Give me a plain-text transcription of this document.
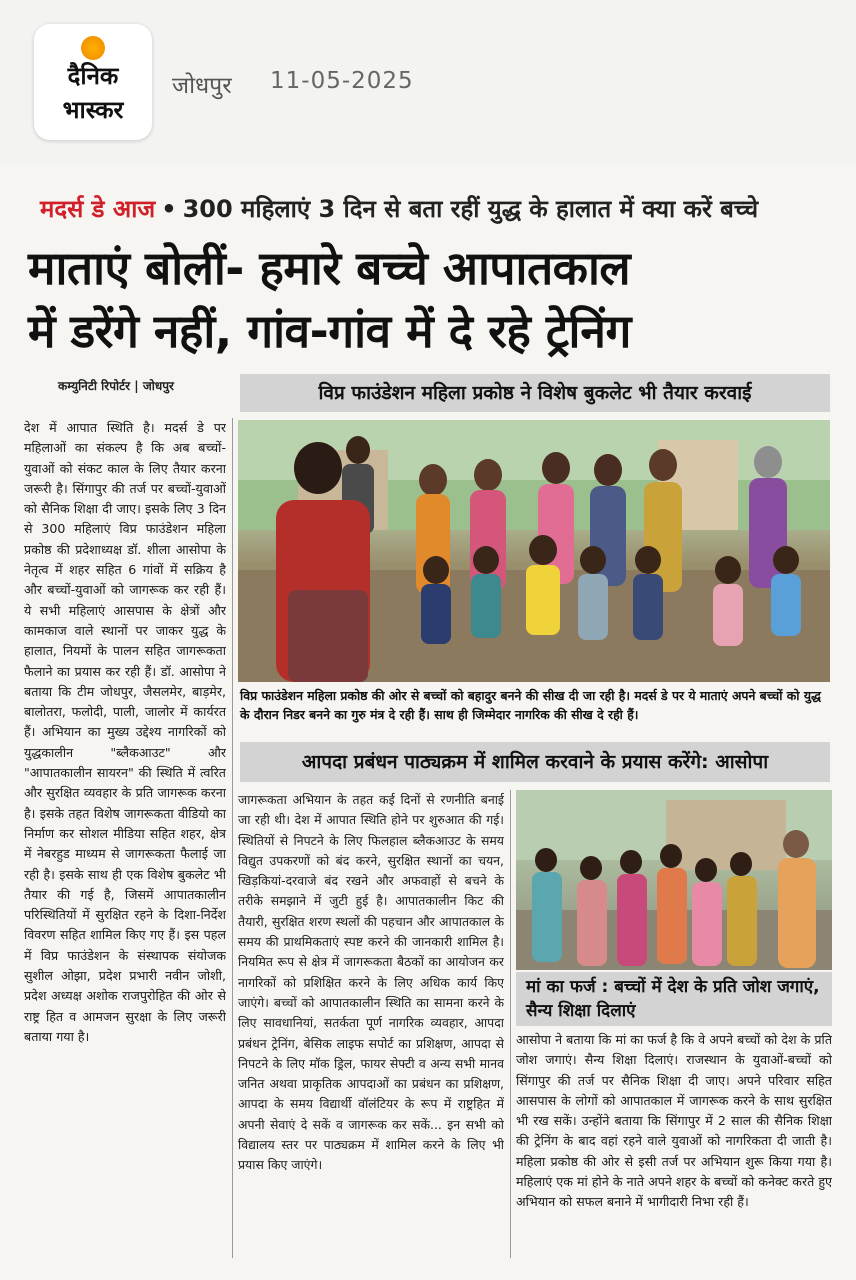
दैनिक
भास्कर
जोधपुर 11-05-2025
मदर्स डे आज • 300 महिलाएं 3 दिन से बता रहीं युद्ध के हालात में क्या करें बच्चे
माताएं बोलीं- हमारे बच्चे आपातकाल
में डरेंगे नहीं, गांव-गांव में दे रहे ट्रेनिंग
कम्युनिटी रिपोर्टर | जोधपुर	विप्र फाउंडेशन महिला प्रकोष्ठ ने विशेष बुकलेट भी तैयार करवाई
देश में आपात स्थिति है। मदर्स डे पर महिलाओं का संकल्प है कि अब बच्चों-युवाओं को संकट काल के लिए तैयार करना जरूरी है। सिंगापुर की तर्ज पर बच्चों-युवाओं को सैनिक शिक्षा दी जाए। इसके लिए 3 दिन से 300 महिलाएं विप्र फाउंडेशन महिला प्रकोष्ठ की प्रदेशाध्यक्ष डॉ. शीला आसोपा के नेतृत्व में शहर सहित 6 गांवों में सक्रिय है और बच्चों-युवाओं को जागरूक कर रही हैं। ये सभी महिलाएं आसपास के क्षेत्रों और कामकाज वाले स्थानों पर जाकर युद्ध के हालात, नियमों के पालन सहित जागरूकता फैलाने का प्रयास कर रही हैं। डॉ. आसोपा ने बताया कि टीम जोधपुर, जैसलमेर, बाड़मेर, बालोतरा, फलोदी, पाली, जालोर में कार्यरत हैं। अभियान का मुख्य उद्देश्य नागरिकों को युद्धकालीन "ब्लैकआउट" और "आपातकालीन सायरन" की स्थिति में त्वरित और सुरक्षित व्यवहार के प्रति जागरूक करना है। इसके तहत विशेष जागरूकता वीडियो का निर्माण कर सोशल मीडिया सहित शहर, क्षेत्र में नेबरहुड माध्यम से जागरूकता फैलाई जा रही है। इसके साथ ही एक विशेष बुकलेट भी तैयार की गई है, जिसमें आपातकालीन परिस्थितियों में सुरक्षित रहने के दिशा-निर्देश विवरण सहित शामिल किए गए हैं। इस पहल में विप्र फाउंडेशन के संस्थापक संयोजक सुशील ओझा, प्रदेश प्रभारी नवीन जोशी, प्रदेश अध्यक्ष अशोक राजपुरोहित की ओर से राष्ट्र हित व आमजन सुरक्षा के लिए जरूरी बताया गया है।
विप्र फाउंडेशन महिला प्रकोष्ठ की ओर से बच्चों को बहादुर बनने की सीख दी जा रही है। मदर्स डे पर ये माताएं अपने बच्चों को युद्ध के दौरान निडर बनने का गुरु मंत्र दे रही हैं। साथ ही जिम्मेदार नागरिक की सीख दे रही हैं।
आपदा प्रबंधन पाठ्यक्रम में शामिल करवाने के प्रयास करेंगे: आसोपा
जागरूकता अभियान के तहत कई दिनों से रणनीति बनाई जा रही थी। देश में आपात स्थिति होने पर शुरुआत की गई। स्थितियों से निपटने के लिए फिलहाल ब्लैकआउट के समय विद्युत उपकरणों को बंद करने, सुरक्षित स्थानों का चयन, खिड़कियां-दरवाजे बंद रखने और अफवाहों से बचने के तरीके समझाने में जुटी हुई है। आपातकालीन किट की तैयारी, सुरक्षित शरण स्थलों की पहचान और आपातकाल के समय की प्राथमिकताएं स्पष्ट करने की जानकारी शामिल है। नियमित रूप से क्षेत्र में जागरूकता बैठकों का आयोजन कर नागरिकों को प्रशिक्षित करने के लिए अधिक कार्य किए जाएंगे। बच्चों को आपातकालीन स्थिति का सामना करने के लिए सावधानियां, सतर्कता पूर्ण नागरिक व्यवहार, आपदा प्रबंधन ट्रेनिंग, बेसिक लाइफ सपोर्ट का प्रशिक्षण, आपदा से निपटने के लिए मॉक ड्रिल, फायर सेफ्टी व अन्य सभी मानव जनित अथवा प्राकृतिक आपदाओं का प्रबंधन का प्रशिक्षण, आपदा के समय विद्यार्थी वॉलंटियर के रूप में राष्ट्रहित में अपनी सेवाएं दे सकें व जागरूक कर सकें... इन सभी को विद्यालय स्तर पर पाठ्यक्रम में शामिल करने के लिए भी प्रयास किए जाएंगे।
मां का फर्ज : बच्चों में देश के प्रति जोश जगाएं, सैन्य शिक्षा दिलाएं
आसोपा ने बताया कि मां का फर्ज है कि वे अपने बच्चों को देश के प्रति जोश जगाएं। सैन्य शिक्षा दिलाएं। राजस्थान के युवाओं-बच्चों को सिंगापुर की तर्ज पर सैनिक शिक्षा दी जाए। अपने परिवार सहित आसपास के लोगों को आपातकाल में जागरूक करने के साथ सुरक्षित भी रख सकें। उन्होंने बताया कि सिंगापुर में 2 साल की सैनिक शिक्षा की ट्रेनिंग के बाद वहां रहने वाले युवाओं को नागरिकता दी जाती है। महिला प्रकोष्ठ की ओर से इसी तर्ज पर अभियान शुरू किया गया है। महिलाएं एक मां होने के नाते अपने शहर के बच्चों को कनेक्ट करते हुए अभियान को सफल बनाने में भागीदारी निभा रही हैं।
